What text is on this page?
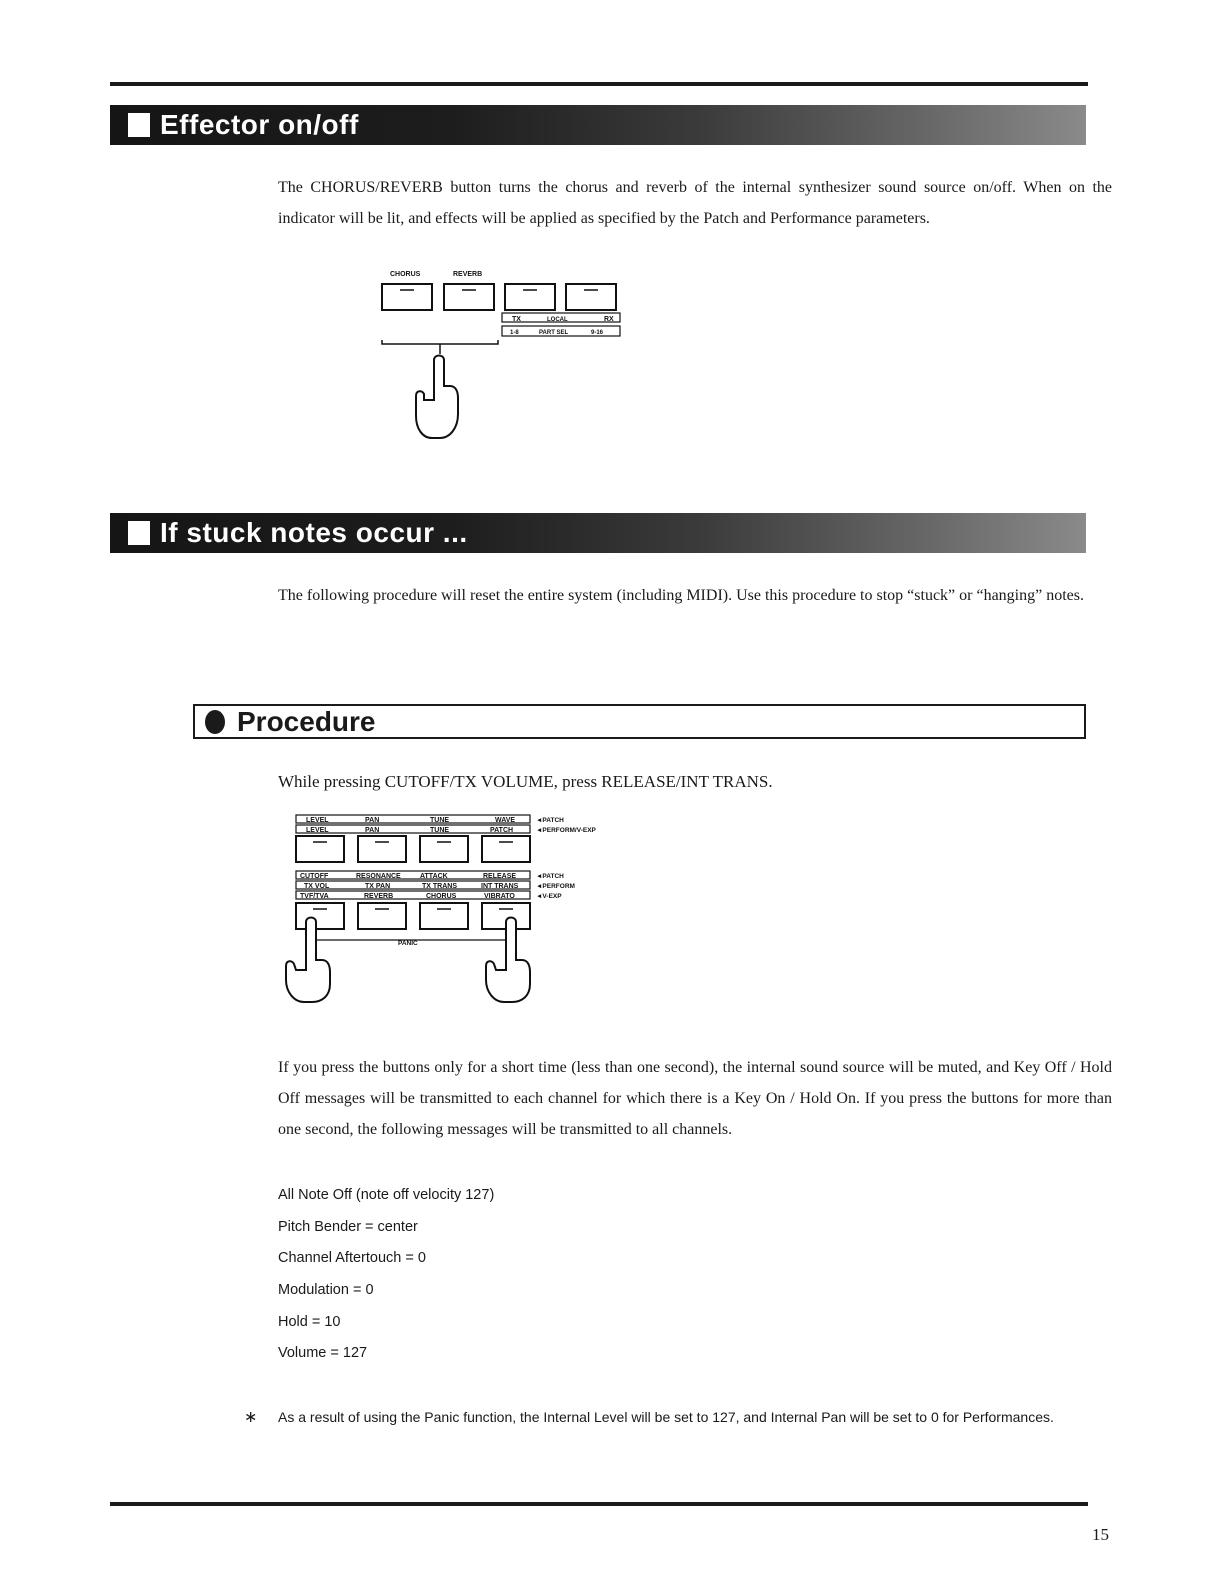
Effector on/off

The CHORUS/REVERB button turns the chorus and reverb of the internal synthesizer sound source on/off. When on the indicator will be lit, and effects will be applied as specified by the Patch and Performance parameters.

CHORUS	REVERB
TX	LOCAL	RX
1-8	PART SEL	9-16
If stuck notes occur ...

The following procedure will reset the entire system (including MIDI). Use this procedure to stop “stuck” or “hanging” notes.

Procedure

While pressing CUTOFF/TX VOLUME, press RELEASE/INT TRANS.

LEVEL	PAN	TUNE	WAVE
LEVEL	PAN	TUNE	PATCH
CUTOFF	RESONANCE	ATTACK	RELEASE
TX VOL	TX PAN	TX TRANS	INT TRANS
TVF/TVA	REVERB	CHORUS	VIBRATO
◄PATCH
◄PERFORM/V-EXP
◄PATCH
◄PERFORM
◄V-EXP
PANIC

If you press the buttons only for a short time (less than one second), the internal sound source will be muted, and Key Off / Hold Off messages will be transmitted to each channel for which there is a Key On / Hold On. If you press the buttons for more than one second, the following messages will be transmitted to all channels.

All Note Off (note off velocity 127)
Pitch Bender = center
Channel Aftertouch = 0
Modulation = 0
Hold = 10
Volume = 127
∗ As a result of using the Panic function, the Internal Level will be set to 127, and Internal Pan will be set to 0 for Performances.
15
